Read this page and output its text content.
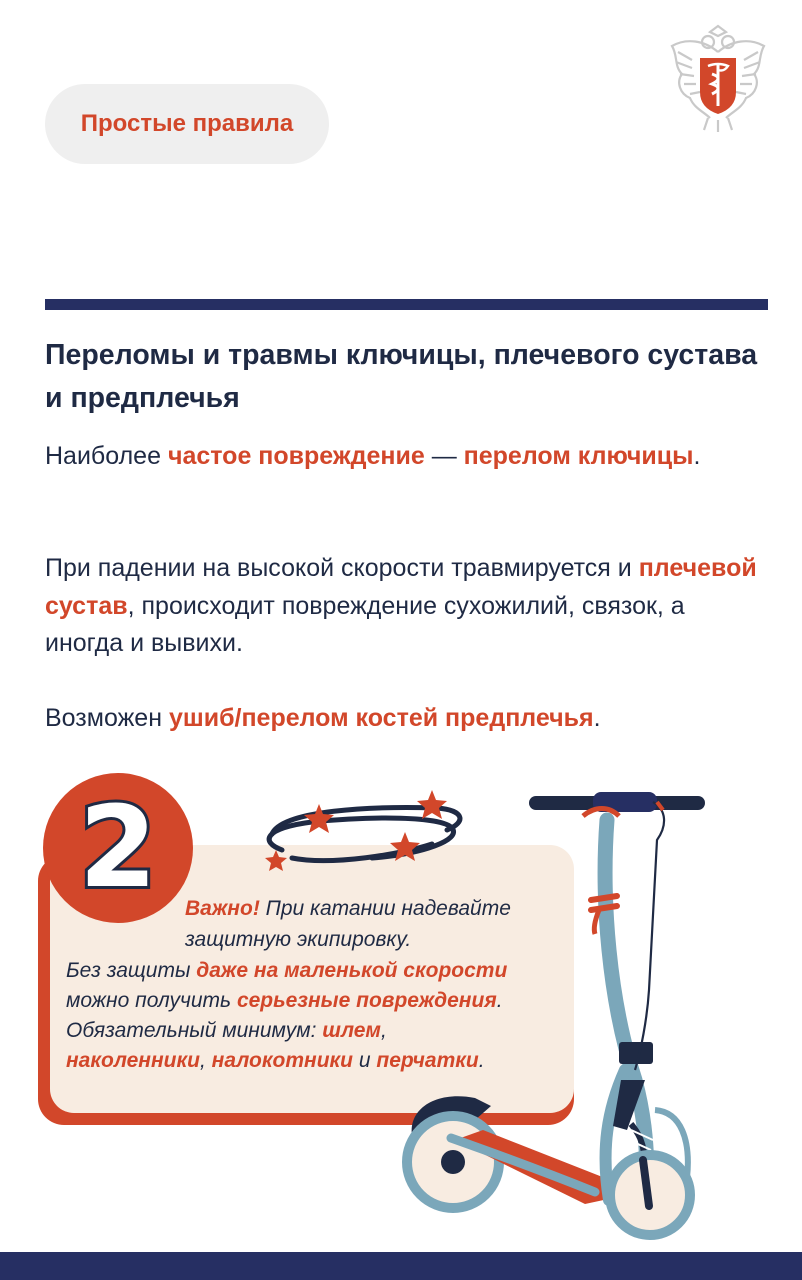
Простые правила
Переломы и травмы ключицы, плечевого сустава и предплечья

Наиболее частое повреждение — перелом ключицы.

При падении на высокой скорости травмируется и плечевой сустав, происходит повреждение сухожилий, связок, а иногда и вывихи.

Возможен ушиб/перелом костей предплечья.

2	Важно! При катании надевайте
защитную экипировку.
Без защиты даже на маленькой скорости
можно получить серьезные повреждения.
Обязательный минимум: шлем,
наколенники, налокотники и перчатки.
